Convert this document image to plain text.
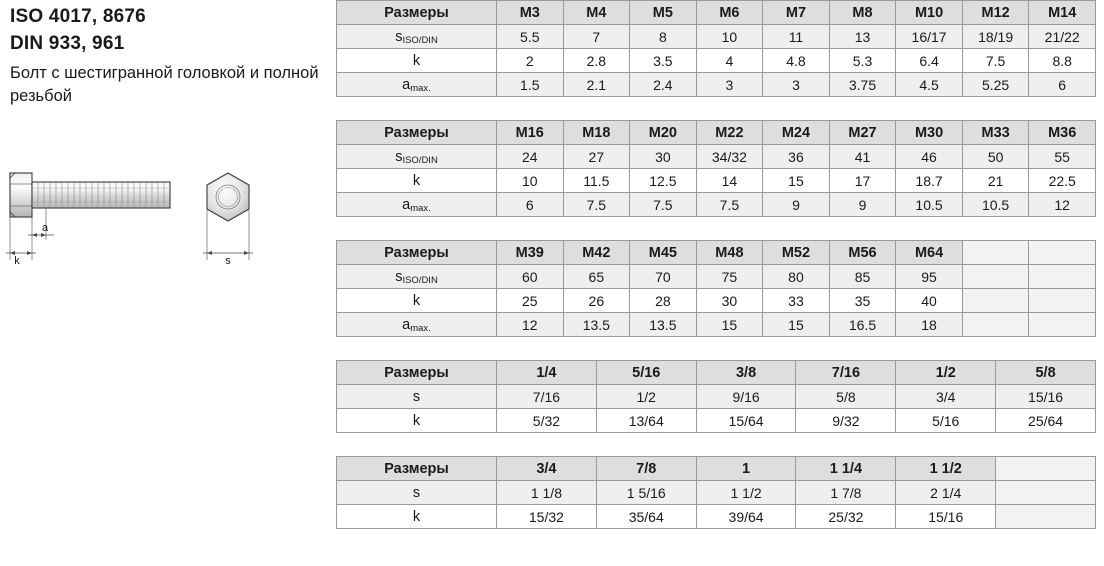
ISO 4017, 8676
DIN 933, 961
Болт с шестигранной головкой и полной резьбой
k
a
s
Размеры	M3	M4	M5	M6	M7	M8	M10	M12	M14
$s_{ISO/DIN}$	5.5	7	8	10	11	13	16/17	18/19	21/22
k	2	2.8	3.5	4	4.8	5.3	6.4	7.5	8.8
$a_{max.}$	1.5	2.1	2.4	3	3	3.75	4.5	5.25	6
Размеры	M16	M18	M20	M22	M24	M27	M30	M33	M36
$s_{ISO/DIN}$	24	27	30	34/32	36	41	46	50	55
k	10	11.5	12.5	14	15	17	18.7	21	22.5
$a_{max.}$	6	7.5	7.5	7.5	9	9	10.5	10.5	12
Размеры	M39	M42	M45	M48	M52	M56	M64		
$s_{ISO/DIN}$	60	65	70	75	80	85	95		
k	25	26	28	30	33	35	40		
$a_{max.}$	12	13.5	13.5	15	15	16.5	18		
Размеры	1/4	5/16	3/8	7/16	1/2	5/8
s	7/16	1/2	9/16	5/8	3/4	15/16
k	5/32	13/64	15/64	9/32	5/16	25/64
Размеры	3/4	7/8	1	1 1/4	1 1/2	
s	1 1/8	1 5/16	1 1/2	1 7/8	2 1/4	
k	15/32	35/64	39/64	25/32	15/16	
